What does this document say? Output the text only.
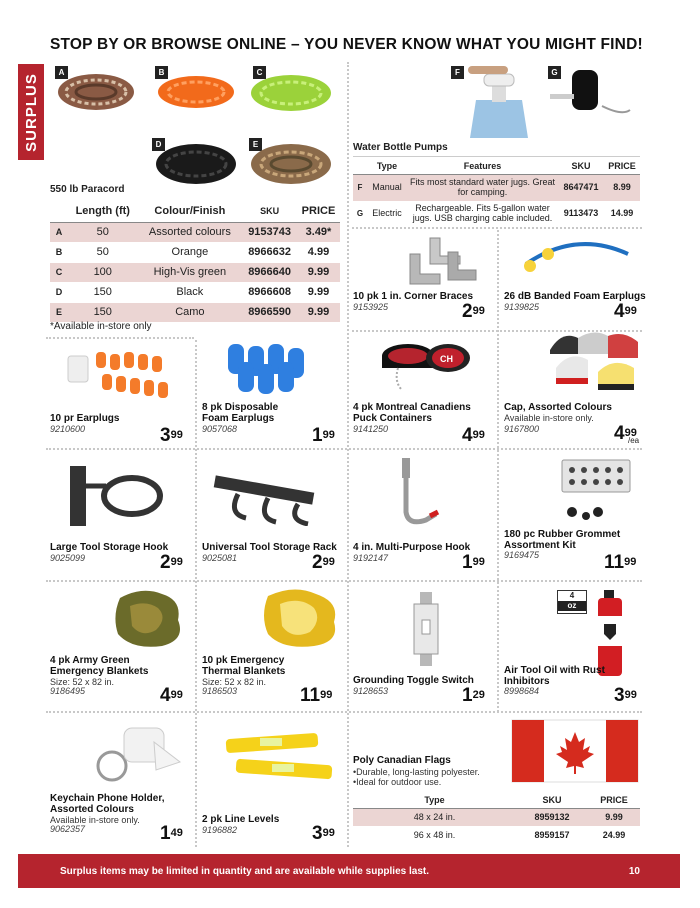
STOP BY OR BROWSE ONLINE – YOU NEVER KNOW WHAT YOU MIGHT FIND!
SURPLUS
A	B	C
D	E
550 lb Paracord
	Length (ft)	Colour/Finish	SKU	PRICE
A	50	Assorted colours	9153743	3.49*
B	50	Orange	8966632	4.99
C	100	High-Vis green	8966640	9.99
D	150	Black	8966608	9.99
E	150	Camo	8966590	9.99
*Available in-store only
F	G
Water Bottle Pumps
	Type	Features	SKU	PRICE
F	Manual	Fits most standard water jugs. Great for camping.	8647471	8.99
G	Electric	Rechargeable. Fits 5-gallon water jugs. USB charging cable included.	9113473	14.99
10 pk 1 in. Corner Braces
9153925	$2^{99}$
26 dB Banded Foam Earplugs
9139825	$4^{99}$
10 pr Earplugs
9210600	$3^{99}$
8 pk Disposable Foam Earplugs
9057068	$1^{99}$
CH
4 pk Montreal Canadiens Puck Containers
9141250	$4^{99}$
Cap, Assorted Colours
Available in-store only.
9167800	$4^{99}$
/ea
Large Tool Storage Hook
9025099	$2^{99}$
Universal Tool Storage Rack
9025081	$2^{99}$
4 in. Multi-Purpose Hook
9192147	$1^{99}$
180 pc Rubber Grommet Assortment Kit
9169475	$11^{99}$
4 pk Army Green Emergency Blankets
Size: 52 x 82 in.
9186495	$4^{99}$
10 pk Emergency Thermal Blankets
Size: 52 x 82 in.
9186503	$11^{99}$
Grounding Toggle Switch
9128653	$1^{29}$
4
oz
Air Tool Oil with Rust Inhibitors
8998684	$3^{99}$
Keychain Phone Holder, Assorted Colours
Available in-store only.
9062357	$1^{49}$
2 pk Line Levels
9196882	$3^{99}$
Poly Canadian Flags
•Durable, long-lasting polyester.
•Ideal for outdoor use.
Type	SKU	PRICE
48 x 24 in.	8959132	9.99
96 x 48 in.	8959157	24.99
Surplus items may be limited in quantity and are available while supplies last.	10
